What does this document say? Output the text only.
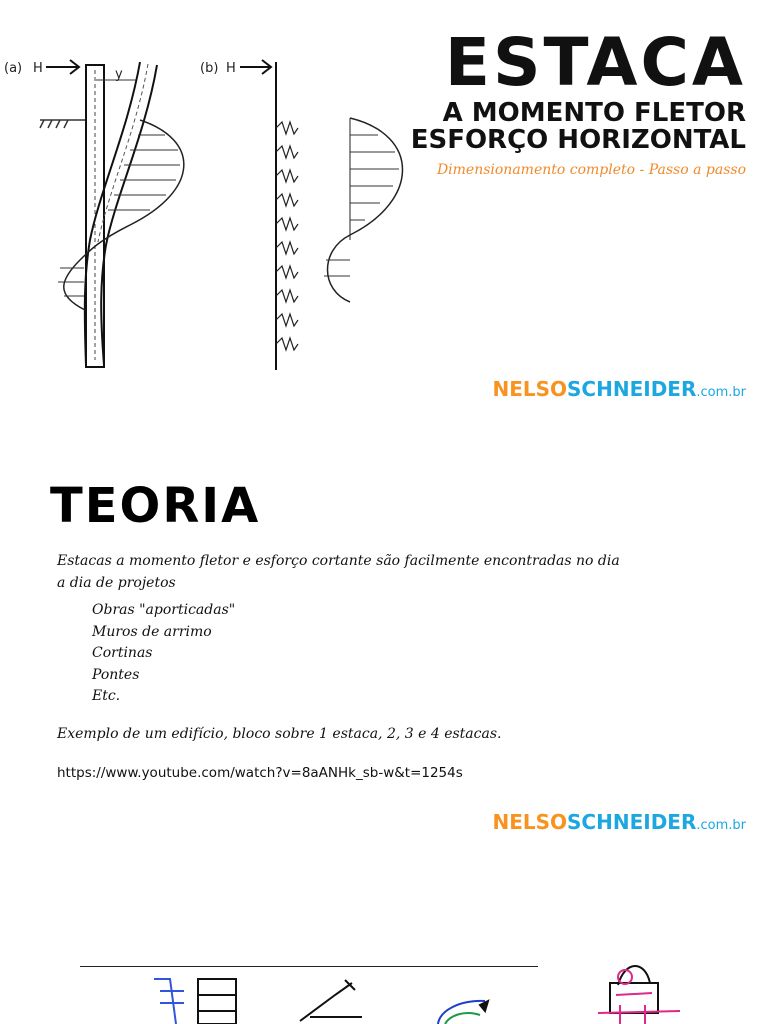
(a) H	(b) H
y	ESTACA
A MOMENTO FLETOR
ESFORÇO HORIZONTAL
Dimensionamento completo - Passo a passo
NELSOSCHNEIDER.com.br
TEORIA
Estacas a momento fletor e esforço cortante são facilmente encontradas no dia a dia de projetos
Obras "aporticadas"
Muros de arrimo
Cortinas
Pontes
Etc.
Exemplo de um edifício, bloco sobre 1 estaca, 2, 3 e 4 estacas.
https://www.youtube.com/watch?v=8aANHk_sb-w&t=1254s
NELSOSCHNEIDER.com.br
